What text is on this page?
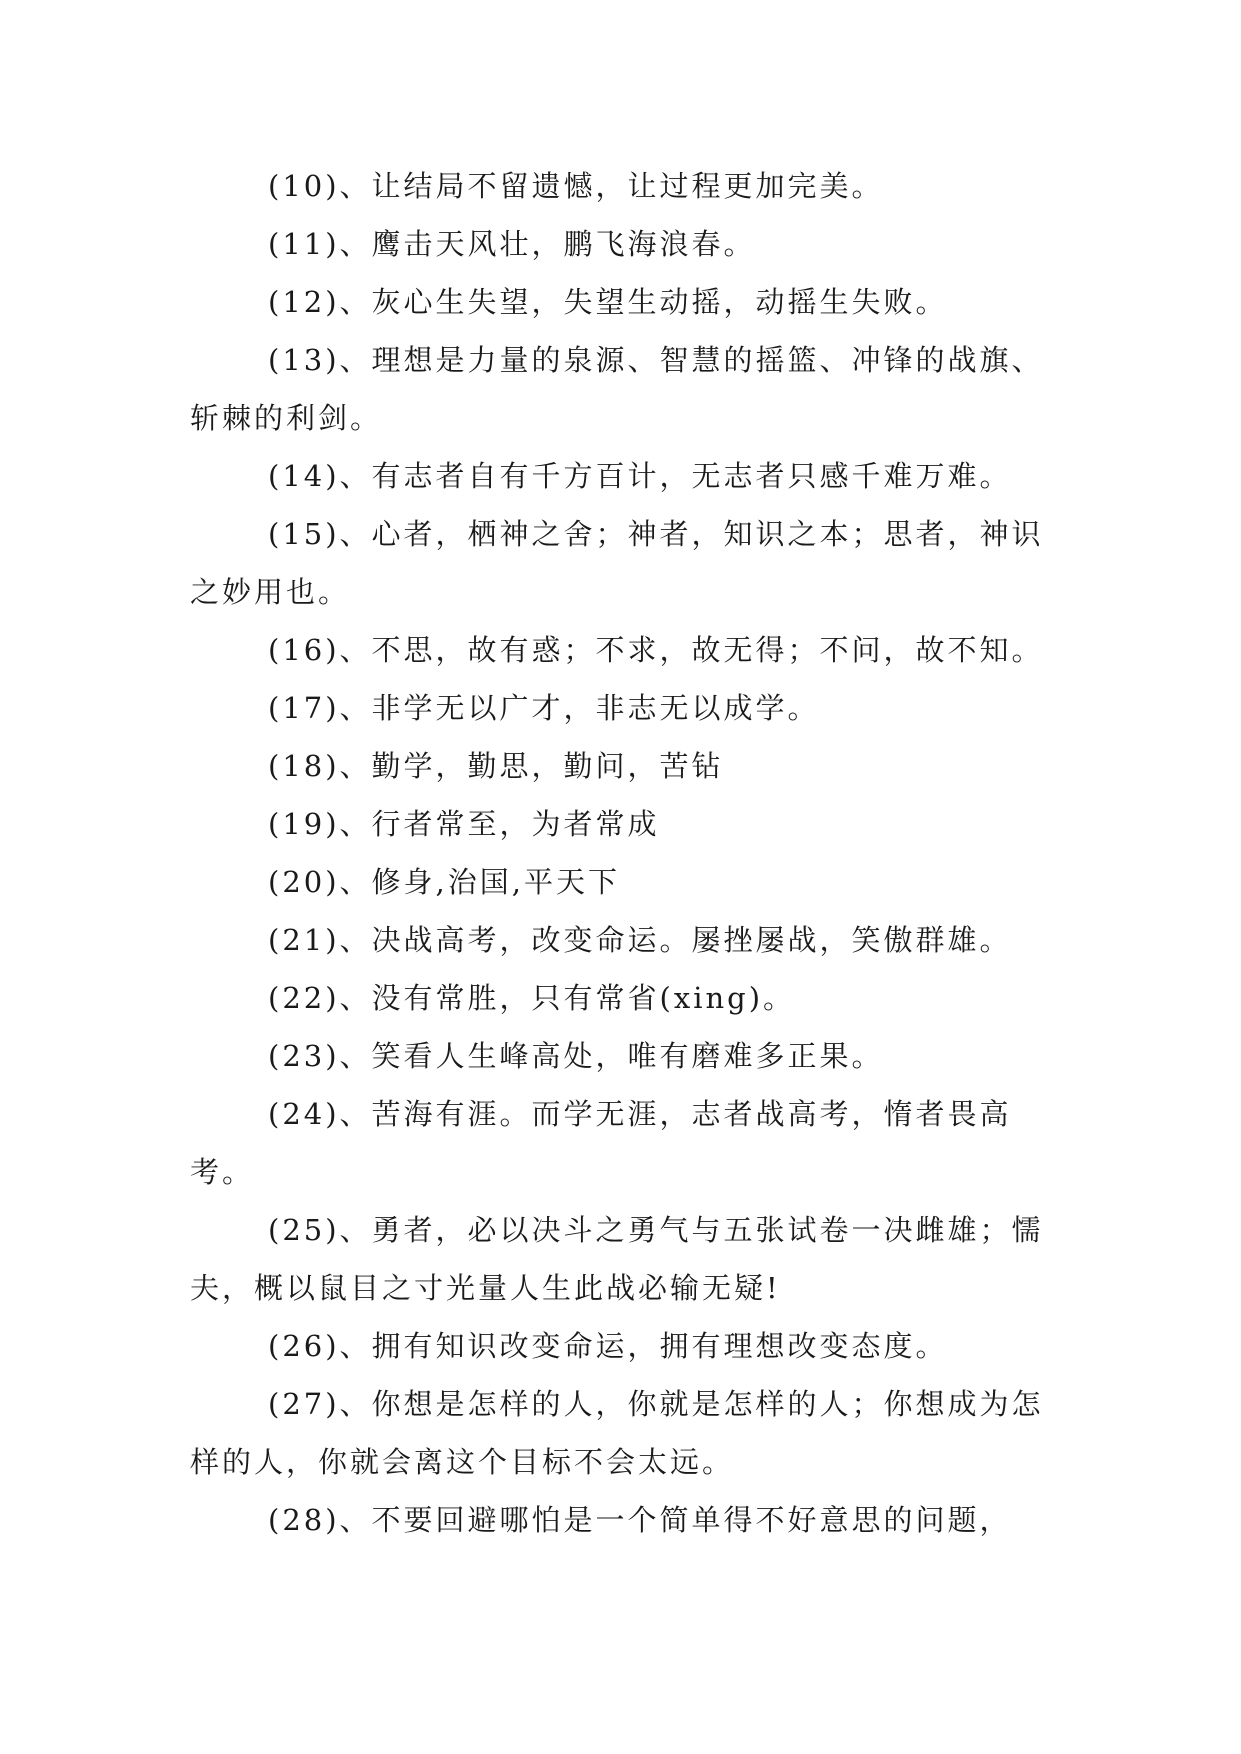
(10)、让结局不留遗憾，让过程更加完美。

(11)、鹰击天风壮，鹏飞海浪春。

(12)、灰心生失望，失望生动摇，动摇生失败。

(13)、理想是力量的泉源、智慧的摇篮、冲锋的战旗、斩棘的利剑。

(14)、有志者自有千方百计，无志者只感千难万难。

(15)、心者，栖神之舍；神者，知识之本；思者，神识之妙用也。

(16)、不思，故有惑；不求，故无得；不问，故不知。

(17)、非学无以广才，非志无以成学。

(18)、勤学，勤思，勤问，苦钻

(19)、行者常至，为者常成

(20)、修身,治国,平天下

(21)、决战高考，改变命运。屡挫屡战，笑傲群雄。

(22)、没有常胜，只有常省(xing)。

(23)、笑看人生峰高处，唯有磨难多正果。

(24)、苦海有涯。而学无涯，志者战高考，惰者畏高考。

(25)、勇者，必以决斗之勇气与五张试卷一决雌雄；懦夫，概以鼠目之寸光量人生此战必输无疑!

(26)、拥有知识改变命运，拥有理想改变态度。

(27)、你想是怎样的人，你就是怎样的人；你想成为怎样的人，你就会离这个目标不会太远。

(28)、不要回避哪怕是一个简单得不好意思的问题，
